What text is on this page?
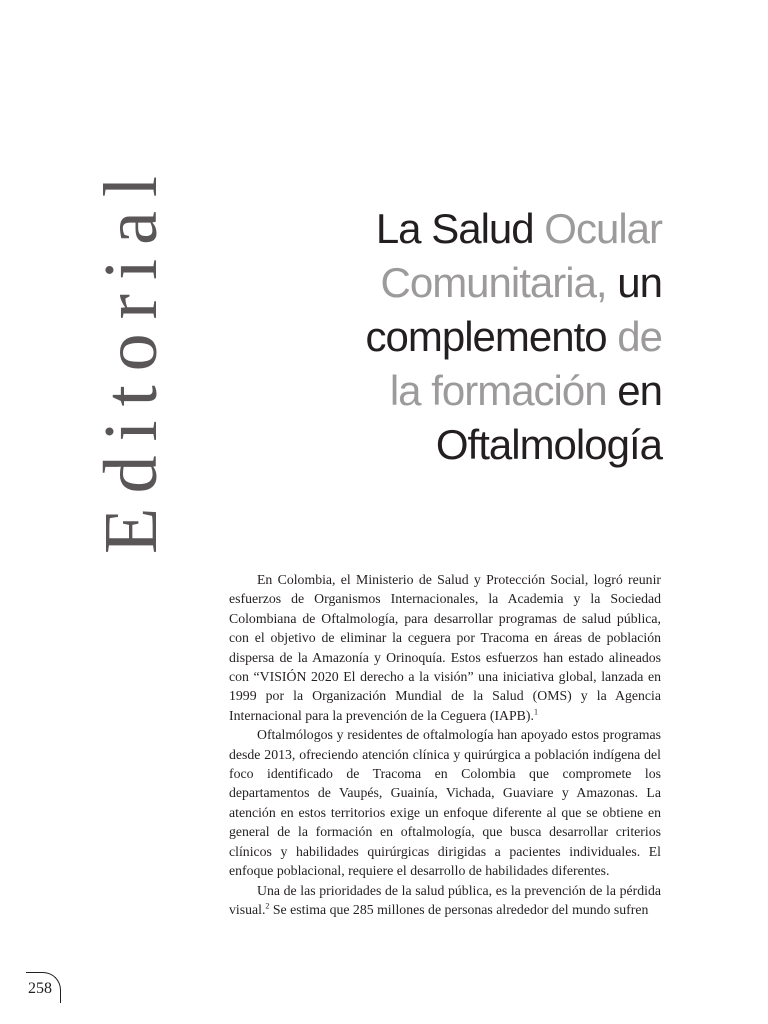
Editorial	La Salud Ocular
Comunitaria, un
complemento de
la formación en
Oftalmología

En Colombia, el Ministerio de Salud y Protección Social, logró reunir esfuerzos de Organismos Internacionales, la Academia y la Sociedad Colombiana de Oftalmología, para desarrollar programas de salud pública, con el objetivo de eliminar la ceguera por Tracoma en áreas de población dispersa de la Amazonía y Orinoquía. Estos esfuerzos han estado alineados con “VISIÓN 2020 El derecho a la visión” una iniciativa global, lanzada en 1999 por la Organización Mundial de la Salud (OMS) y la Agencia Internacional para la prevención de la Ceguera (IAPB).$^1$

Oftalmólogos y residentes de oftalmología han apoyado estos programas desde 2013, ofreciendo atención clínica y quirúrgica a población indígena del foco identificado de Tracoma en Colombia que compromete los departamentos de Vaupés, Guainía, Vichada, Guaviare y Amazonas. La atención en estos territorios exige un enfoque diferente al que se obtiene en general de la formación en oftalmología, que busca desarrollar criterios clínicos y habilidades quirúrgicas dirigidas a pacientes individuales. El enfoque poblacional, requiere el desarrollo de habilidades diferentes.

Una de las prioridades de la salud pública, es la prevención de la pérdida visual.$^2$ Se estima que 285 millones de personas alrededor del mundo sufren

258
